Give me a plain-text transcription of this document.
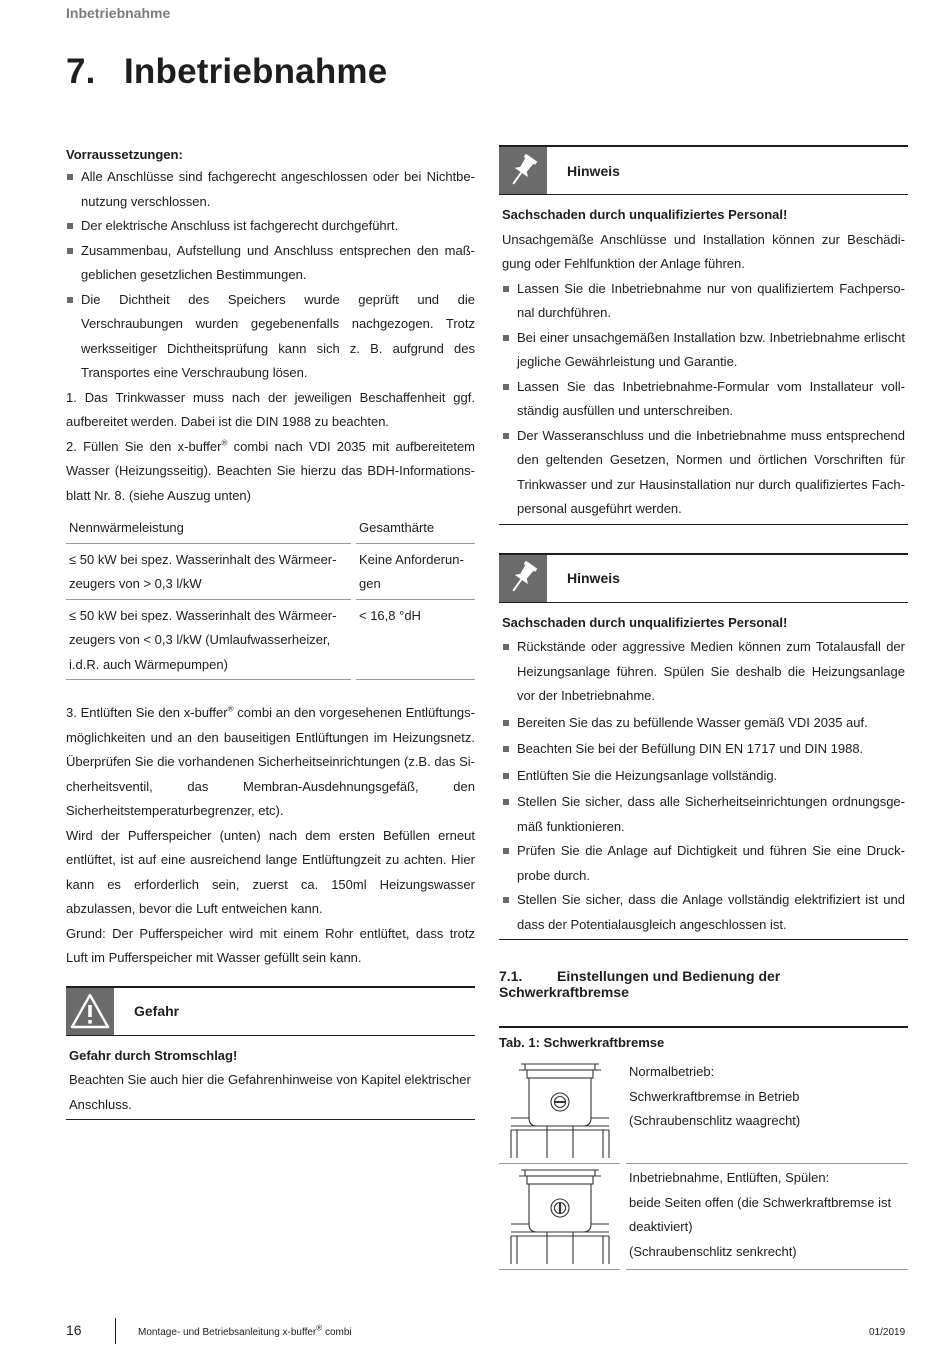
Inbetriebnahme
7. Inbetriebnahme
Vorraussetzungen:
Alle Anschlüsse sind fachgerecht angeschlossen oder bei Nichtbenutzung verschlossen.
Der elektrische Anschluss ist fachgerecht durchgeführt.
Zusammenbau, Aufstellung und Anschluss entsprechen den maßgeblichen gesetzlichen Bestimmungen.
Die Dichtheit des Speichers wurde geprüft und die Verschraubungen wurden gegebenenfalls nachgezogen. Trotz werksseitiger Dichtheitsprüfung kann sich z. B. aufgrund des Transportes eine Verschraubung lösen.

1. Das Trinkwasser muss nach der jeweiligen Beschaffenheit ggf. aufbereitet werden. Dabei ist die DIN 1988 zu beachten.

2. Füllen Sie den x-buffer® combi nach VDI 2035 mit aufbereitetem Wasser (Heizungsseitig). Beachten Sie hierzu das BDH-Informationsblatt Nr. 8. (siehe Auszug unten)

Nennwärmeleistung		Gesamthärte
≤ 50 kW bei spez. Wasserinhalt des Wärmeerzeugers von > 0,3 l/kW		Keine Anforderungen
≤ 50 kW bei spez. Wasserinhalt des Wärmeerzeugers von < 0,3 l/kW (Umlaufwasserheizer, i.d.R. auch Wärmepumpen)		< 16,8 °dH

3. Entlüften Sie den x-buffer® combi an den vorgesehenen Entlüftungsmöglichkeiten und an den bauseitigen Entlüftungen im Heizungsnetz. Überprüfen Sie die vorhandenen Sicherheitseinrichtungen (z.B. das Sicherheitsventil, das Membran-Ausdehnungsgefäß, den Sicherheitstemperaturbegrenzer, etc).

Wird der Pufferspeicher (unten) nach dem ersten Befüllen erneut entlüftet, ist auf eine ausreichend lange Entlüftungzeit zu achten. Hier kann es erforderlich sein, zuerst ca. 150ml Heizungswasser abzulassen, bevor die Luft entweichen kann.

Grund: Der Pufferspeicher wird mit einem Rohr entlüftet, dass trotz Luft im Pufferspeicher mit Wasser gefüllt sein kann.

Gefahr
Gefahr durch Stromschlag!
Beachten Sie auch hier die Gefahrenhinweise von Kapitel elektrischer Anschluss.
Hinweis
Sachschaden durch unqualifiziertes Personal!
Unsachgemäße Anschlüsse und Installation können zur Beschädigung oder Fehlfunktion der Anlage führen.
Lassen Sie die Inbetriebnahme nur von qualifiziertem Fachpersonal durchführen.
Bei einer unsachgemäßen Installation bzw. Inbetriebnahme erlischt jegliche Gewährleistung und Garantie.
Lassen Sie das Inbetriebnahme-Formular vom Installateur vollständig ausfüllen und unterschreiben.
Der Wasseranschluss und die Inbetriebnahme muss entsprechend den geltenden Gesetzen, Normen und örtlichen Vorschriften für Trinkwasser und zur Hausinstallation nur durch qualifiziertes Fachpersonal ausgeführt werden.
Hinweis
Sachschaden durch unqualifiziertes Personal!
Rückstände oder aggressive Medien können zum Totalausfall der Heizungsanlage führen. Spülen Sie deshalb die Heizungsanlage vor der Inbetriebnahme.
Bereiten Sie das zu befüllende Wasser gemäß VDI 2035 auf.
Beachten Sie bei der Befüllung DIN EN 1717 und DIN 1988.
Entlüften Sie die Heizungsanlage vollständig.
Stellen Sie sicher, dass alle Sicherheitseinrichtungen ordnungsgemäß funktionieren.
Prüfen Sie die Anlage auf Dichtigkeit und führen Sie eine Druckprobe durch.
Stellen Sie sicher, dass die Anlage vollständig elektrifiziert ist und dass der Potentialausgleich angeschlossen ist.
7.1. Einstellungen und Bedienung der Schwerkraftbremse
Tab. 1: Schwerkraftbremse

Normalbetrieb:
Schwerkraftbremse in Betrieb
(Schraubenschlitz waagrecht)

Inbetriebnahme, Entlüften, Spülen:
beide Seiten offen (die Schwerkraftbremse ist deaktiviert)
(Schraubenschlitz senkrecht)
16	Montage- und Betriebsanleitung x-buffer® combi	01/2019
